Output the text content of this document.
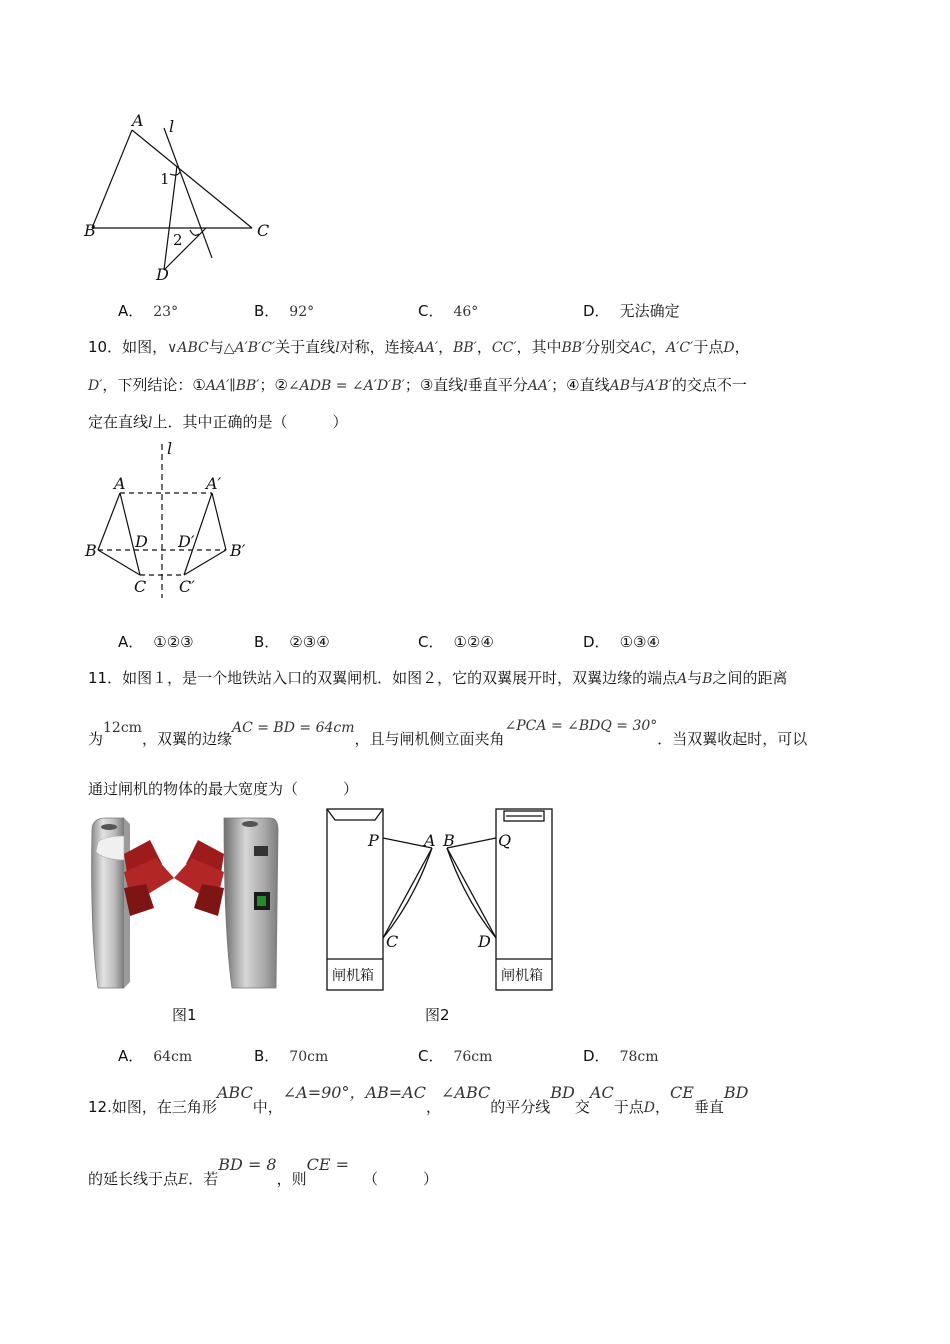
A l
B	C
D
1
2
A． 23°	B． 92°	C． 46°	D． 无法确定
10．如图，∨ABC与△A′B′C′关于直线l对称，连接AA′，BB′，CC′，其中BB′分别交AC，A′C′于点D，
D′，下列结论：①AA′∥BB′；②∠ADB = ∠A′D′B′；③直线l垂直平分AA′；④直线AB与A′B′的交点不一
定在直线l上．其中正确的是（　　　）
l
A	A′
B	B′
D D′
C C′
A． ①②③	B． ②③④	C． ①②④	D． ①③④
11．如图１，是一个地铁站入口的双翼闸机．如图２，它的双翼展开时，双翼边缘的端点A与B之间的距离
为12cm，双翼的边缘AC = BD = 64cm，且与闸机侧立面夹角∠PCA = ∠BDQ = 30°．当双翼收起时，可以
通过闸机的物体的最大宽度为（　　　）
P	A B	Q
C	D
闸机箱	闸机箱
图1	图2
A． 64cm	B． 70cm	C． 76cm	D． 78cm
12.如图，在三角形ABC中，∠A=90°，AB=AC，∠ABC的平分线BD交AC于点D，CE垂直BD
的延长线于点E．若BD = 8，则CE =（　　　）
